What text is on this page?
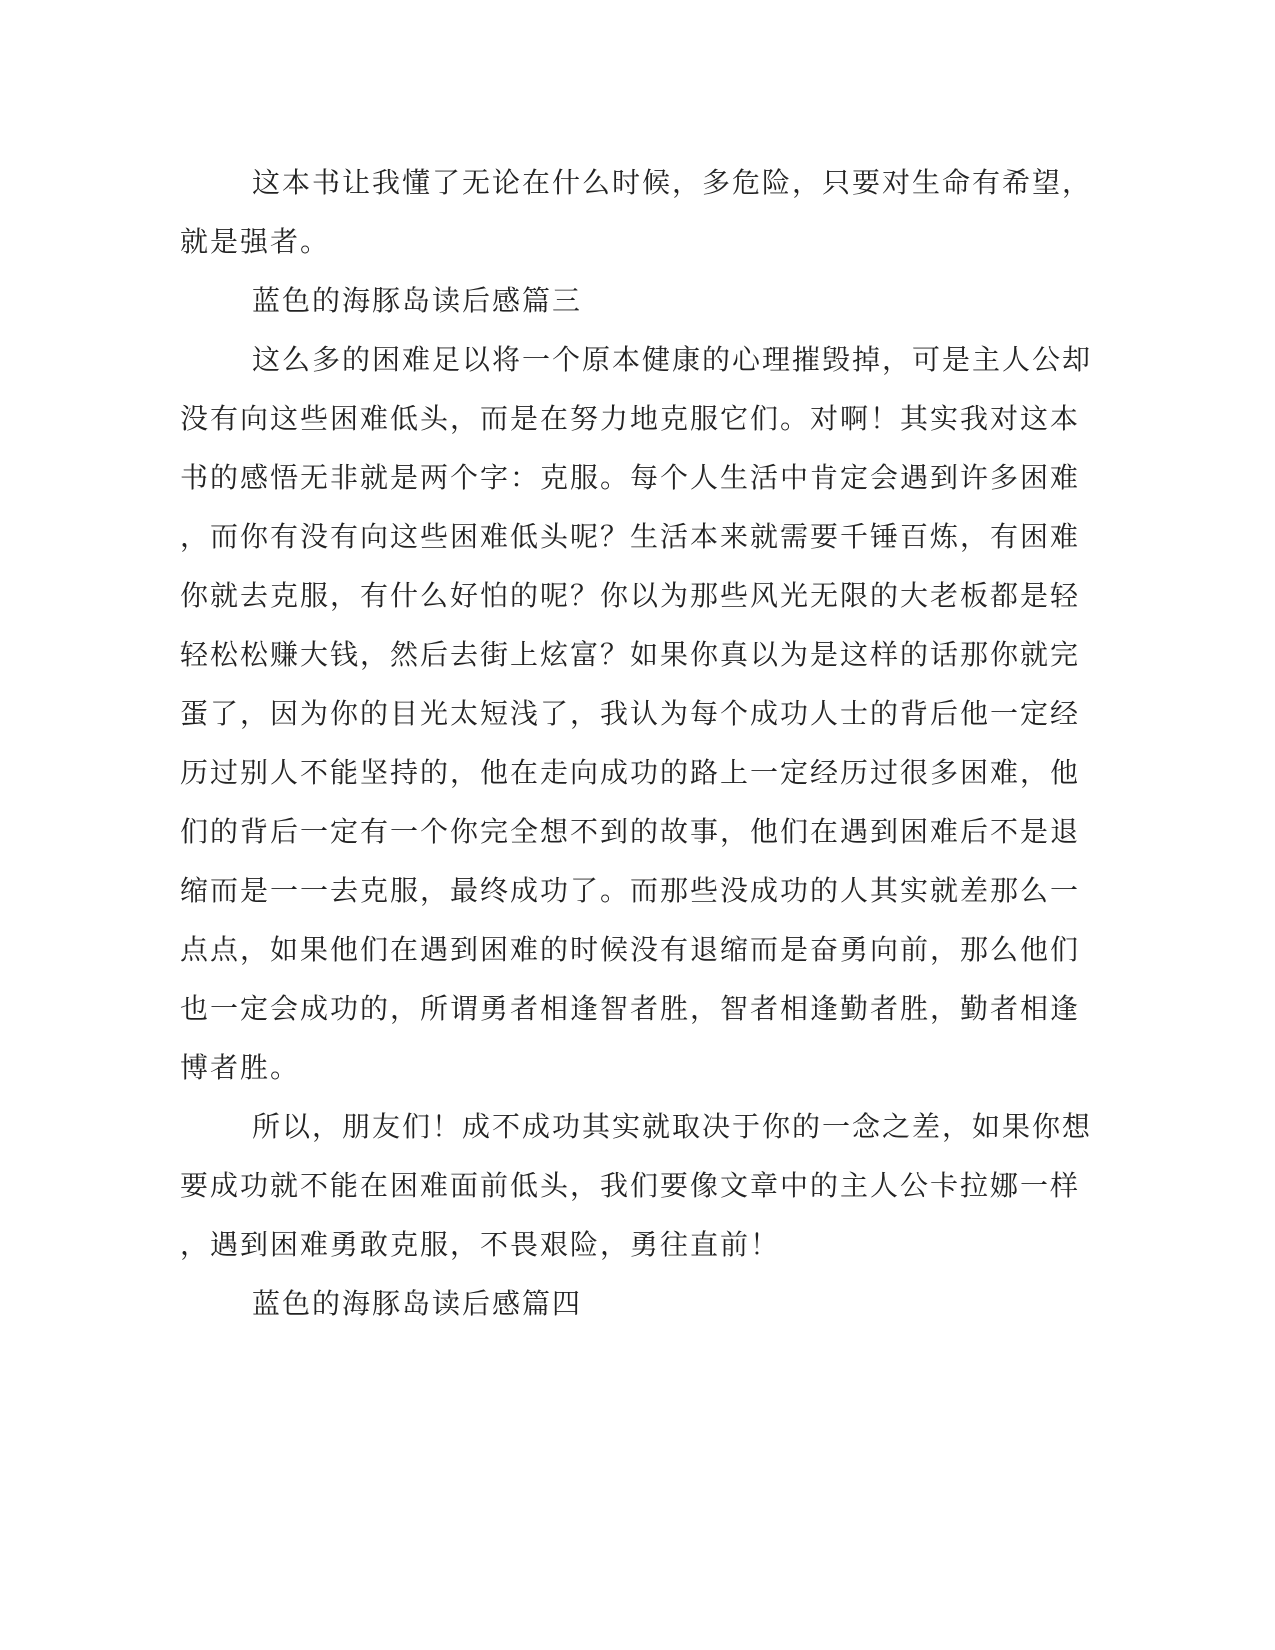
这本书让我懂了无论在什么时候，多危险，只要对生命有希望，
就是强者。
蓝色的海豚岛读后感篇三
这么多的困难足以将一个原本健康的心理摧毁掉，可是主人公却
没有向这些困难低头，而是在努力地克服它们。对啊！其实我对这本
书的感悟无非就是两个字：克服。每个人生活中肯定会遇到许多困难
，而你有没有向这些困难低头呢？生活本来就需要千锤百炼，有困难
你就去克服，有什么好怕的呢？你以为那些风光无限的大老板都是轻
轻松松赚大钱，然后去街上炫富？如果你真以为是这样的话那你就完
蛋了，因为你的目光太短浅了，我认为每个成功人士的背后他一定经
历过别人不能坚持的，他在走向成功的路上一定经历过很多困难，他
们的背后一定有一个你完全想不到的故事，他们在遇到困难后不是退
缩而是一一去克服，最终成功了。而那些没成功的人其实就差那么一
点点，如果他们在遇到困难的时候没有退缩而是奋勇向前，那么他们
也一定会成功的，所谓勇者相逢智者胜，智者相逢勤者胜，勤者相逢
博者胜。
所以，朋友们！成不成功其实就取决于你的一念之差，如果你想
要成功就不能在困难面前低头，我们要像文章中的主人公卡拉娜一样
，遇到困难勇敢克服，不畏艰险，勇往直前！
蓝色的海豚岛读后感篇四
